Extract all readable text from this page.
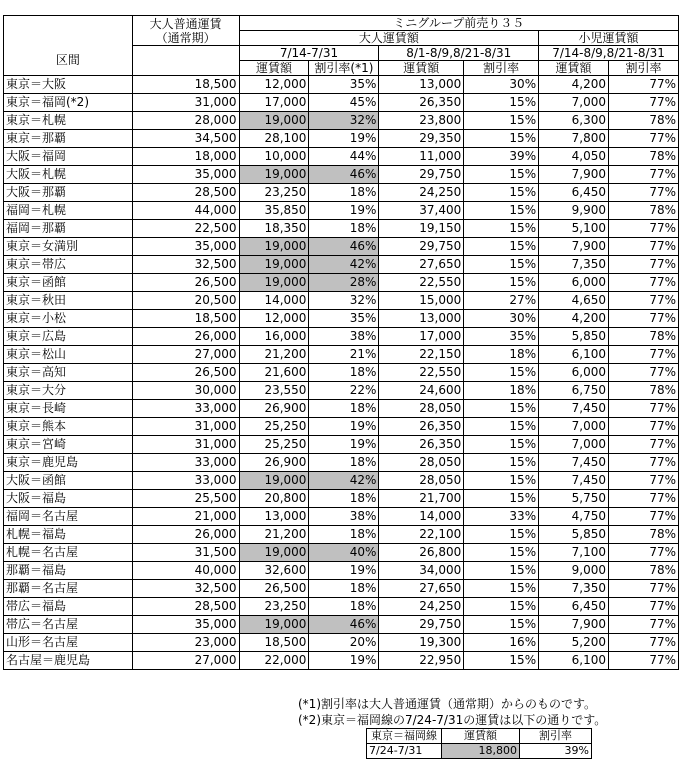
区間	大人普通運賃
（通常期）	ミニグループ前売り３５					
		大人運賃額				小児運賃額	
		7/14-7/31		8/1-8/9,8/21-8/31		7/14-8/9,8/21-8/31	
		運賃額	割引率(*1)	運賃額	割引率	運賃額	割引率
東京＝大阪	18,500	12,000	35%	13,000	30%	4,200	77%
東京＝福岡(*2)	31,000	17,000	45%	26,350	15%	7,000	77%
東京＝札幌	28,000	19,000	32%	23,800	15%	6,300	78%
東京＝那覇	34,500	28,100	19%	29,350	15%	7,800	77%
大阪＝福岡	18,000	10,000	44%	11,000	39%	4,050	78%
大阪＝札幌	35,000	19,000	46%	29,750	15%	7,900	77%
大阪＝那覇	28,500	23,250	18%	24,250	15%	6,450	77%
福岡＝札幌	44,000	35,850	19%	37,400	15%	9,900	78%
福岡＝那覇	22,500	18,350	18%	19,150	15%	5,100	77%
東京＝女満別	35,000	19,000	46%	29,750	15%	7,900	77%
東京＝帯広	32,500	19,000	42%	27,650	15%	7,350	77%
東京＝函館	26,500	19,000	28%	22,550	15%	6,000	77%
東京＝秋田	20,500	14,000	32%	15,000	27%	4,650	77%
東京＝小松	18,500	12,000	35%	13,000	30%	4,200	77%
東京＝広島	26,000	16,000	38%	17,000	35%	5,850	78%
東京＝松山	27,000	21,200	21%	22,150	18%	6,100	77%
東京＝高知	26,500	21,600	18%	22,550	15%	6,000	77%
東京＝大分	30,000	23,550	22%	24,600	18%	6,750	78%
東京＝長崎	33,000	26,900	18%	28,050	15%	7,450	77%
東京＝熊本	31,000	25,250	19%	26,350	15%	7,000	77%
東京＝宮崎	31,000	25,250	19%	26,350	15%	7,000	77%
東京＝鹿児島	33,000	26,900	18%	28,050	15%	7,450	77%
大阪＝函館	33,000	19,000	42%	28,050	15%	7,450	77%
大阪＝福島	25,500	20,800	18%	21,700	15%	5,750	77%
福岡＝名古屋	21,000	13,000	38%	14,000	33%	4,750	77%
札幌＝福島	26,000	21,200	18%	22,100	15%	5,850	78%
札幌＝名古屋	31,500	19,000	40%	26,800	15%	7,100	77%
那覇＝福島	40,000	32,600	19%	34,000	15%	9,000	78%
那覇＝名古屋	32,500	26,500	18%	27,650	15%	7,350	77%
帯広＝福島	28,500	23,250	18%	24,250	15%	6,450	77%
帯広＝名古屋	35,000	19,000	46%	29,750	15%	7,900	77%
山形＝名古屋	23,000	18,500	20%	19,300	16%	5,200	77%
名古屋＝鹿児島	27,000	22,000	19%	22,950	15%	6,100	77%
(*1)割引率は大人普通運賃（通常期）からのものです。
(*2)東京＝福岡線の7/24-7/31の運賃は以下の通りです。
東京＝福岡線	運賃額	割引率
7/24-7/31	18,800	39%
